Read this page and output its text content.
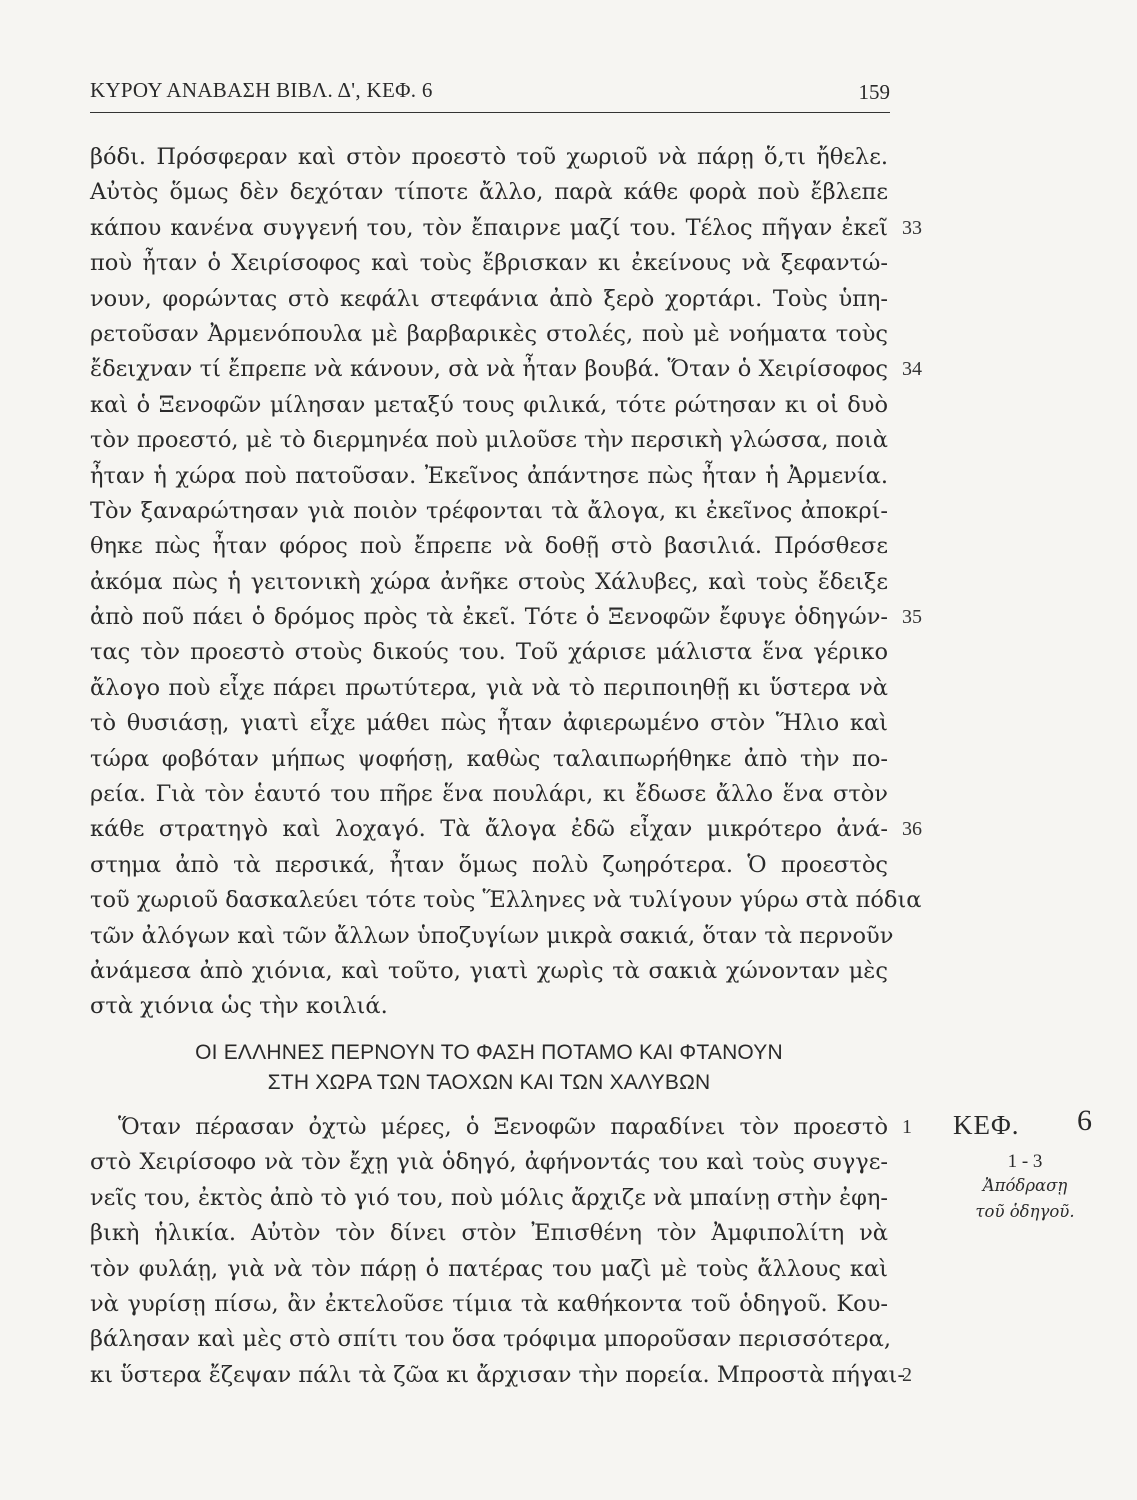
ΚΥΡΟΥ ΑΝΑΒΑΣΗ ΒΙΒΛ. Δ', ΚΕΦ. 6	159
βόδι. Πρόσφεραν καὶ στὸν προεστὸ τοῦ χωριοῦ νὰ πάρῃ ὅ,τι ἤθελε.
Αὐτὸς ὅμως δὲν δεχόταν τίποτε ἄλλο, παρὰ κάθε φορὰ ποὺ ἔβλεπε
κάπου κανένα συγγενή του, τὸν ἔπαιρνε μαζί του. Τέλος πῆγαν ἐκεῖ 33
ποὺ ἦταν ὁ Χειρίσοφος καὶ τοὺς ἔβρισκαν κι ἐκείνους νὰ ξεφαντώ-
νουν, φορώντας στὸ κεφάλι στεφάνια ἀπὸ ξερὸ χορτάρι. Τοὺς ὑπη-
ρετοῦσαν Ἀρμενόπουλα μὲ βαρβαρικὲς στολές, ποὺ μὲ νοήματα τοὺς
ἔδειχναν τί ἔπρεπε νὰ κάνουν, σὰ νὰ ἦταν βουβά. Ὅταν ὁ Χειρίσοφος 34
καὶ ὁ Ξενοφῶν μίλησαν μεταξύ τους φιλικά, τότε ρώτησαν κι οἱ δυὸ
τὸν προεστό, μὲ τὸ διερμηνέα ποὺ μιλοῦσε τὴν περσικὴ γλώσσα, ποιὰ
ἦταν ἡ χώρα ποὺ πατοῦσαν. Ἐκεῖνος ἀπάντησε πὼς ἦταν ἡ Ἀρμενία.
Τὸν ξαναρώτησαν γιὰ ποιὸν τρέφονται τὰ ἄλογα, κι ἐκεῖνος ἀποκρί-
θηκε πὼς ἦταν φόρος ποὺ ἔπρεπε νὰ δοθῇ στὸ βασιλιά. Πρόσθεσε
ἀκόμα πὼς ἡ γειτονικὴ χώρα ἀνῆκε στοὺς Χάλυβες, καὶ τοὺς ἔδειξε
ἀπὸ ποῦ πάει ὁ δρόμος πρὸς τὰ ἐκεῖ. Τότε ὁ Ξενοφῶν ἔφυγε ὁδηγών- 35
τας τὸν προεστὸ στοὺς δικούς του. Τοῦ χάρισε μάλιστα ἕνα γέρικο
ἄλογο ποὺ εἶχε πάρει πρωτύτερα, γιὰ νὰ τὸ περιποιηθῇ κι ὕστερα νὰ
τὸ θυσιάσῃ, γιατὶ εἶχε μάθει πὼς ἦταν ἀφιερωμένο στὸν Ἥλιο καὶ
τώρα φοβόταν μήπως ψοφήσῃ, καθὼς ταλαιπωρήθηκε ἀπὸ τὴν πο-
ρεία. Γιὰ τὸν ἑαυτό του πῆρε ἕνα πουλάρι, κι ἔδωσε ἄλλο ἕνα στὸν
κάθε στρατηγὸ καὶ λοχαγό. Τὰ ἄλογα ἐδῶ εἶχαν μικρότερο ἀνά- 36
στημα ἀπὸ τὰ περσικά, ἦταν ὅμως πολὺ ζωηρότερα. Ὁ προεστὸς
τοῦ χωριοῦ δασκαλεύει τότε τοὺς Ἕλληνες νὰ τυλίγουν γύρω στὰ πόδια
τῶν ἀλόγων καὶ τῶν ἄλλων ὑποζυγίων μικρὰ σακιά, ὅταν τὰ περνοῦν
ἀνάμεσα ἀπὸ χιόνια, καὶ τοῦτο, γιατὶ χωρὶς τὰ σακιὰ χώνονταν μὲς
στὰ χιόνια ὡς τὴν κοιλιά.
ΟΙ ΕΛΛΗΝΕΣ ΠΕΡΝΟΥΝ ΤΟ ΦΑΣΗ ΠΟΤΑΜΟ ΚΑΙ ΦΤΑΝΟΥΝ
ΣΤΗ ΧΩΡΑ ΤΩΝ ΤΑΟΧΩΝ ΚΑΙ ΤΩΝ ΧΑΛΥΒΩΝ
Ὅταν πέρασαν ὀχτὼ μέρες, ὁ Ξενοφῶν παραδίνει τὸν προεστὸ 1
στὸ Χειρίσοφο νὰ τὸν ἔχῃ γιὰ ὁδηγό, ἀφήνοντάς του καὶ τοὺς συγγε-
νεῖς του, ἐκτὸς ἀπὸ τὸ γιό του, ποὺ μόλις ἄρχιζε νὰ μπαίνῃ στὴν ἐφη-
βικὴ ἡλικία. Αὐτὸν τὸν δίνει στὸν Ἐπισθένη τὸν Ἀμφιπολίτη νὰ
τὸν φυλάῃ, γιὰ νὰ τὸν πάρῃ ὁ πατέρας του μαζὶ μὲ τοὺς ἄλλους καὶ
νὰ γυρίσῃ πίσω, ἂν ἐκτελοῦσε τίμια τὰ καθήκοντα τοῦ ὁδηγοῦ. Κου-
βάλησαν καὶ μὲς στὸ σπίτι του ὅσα τρόφιμα μποροῦσαν περισσότερα,
κι ὕστερα ἔζεψαν πάλι τὰ ζῶα κι ἄρχισαν τὴν πορεία. Μπροστὰ πήγαι-
2
ΚΕΦ. 6
1 - 3
Ἀπόδρασῃ
τοῦ ὁδηγοῦ.
